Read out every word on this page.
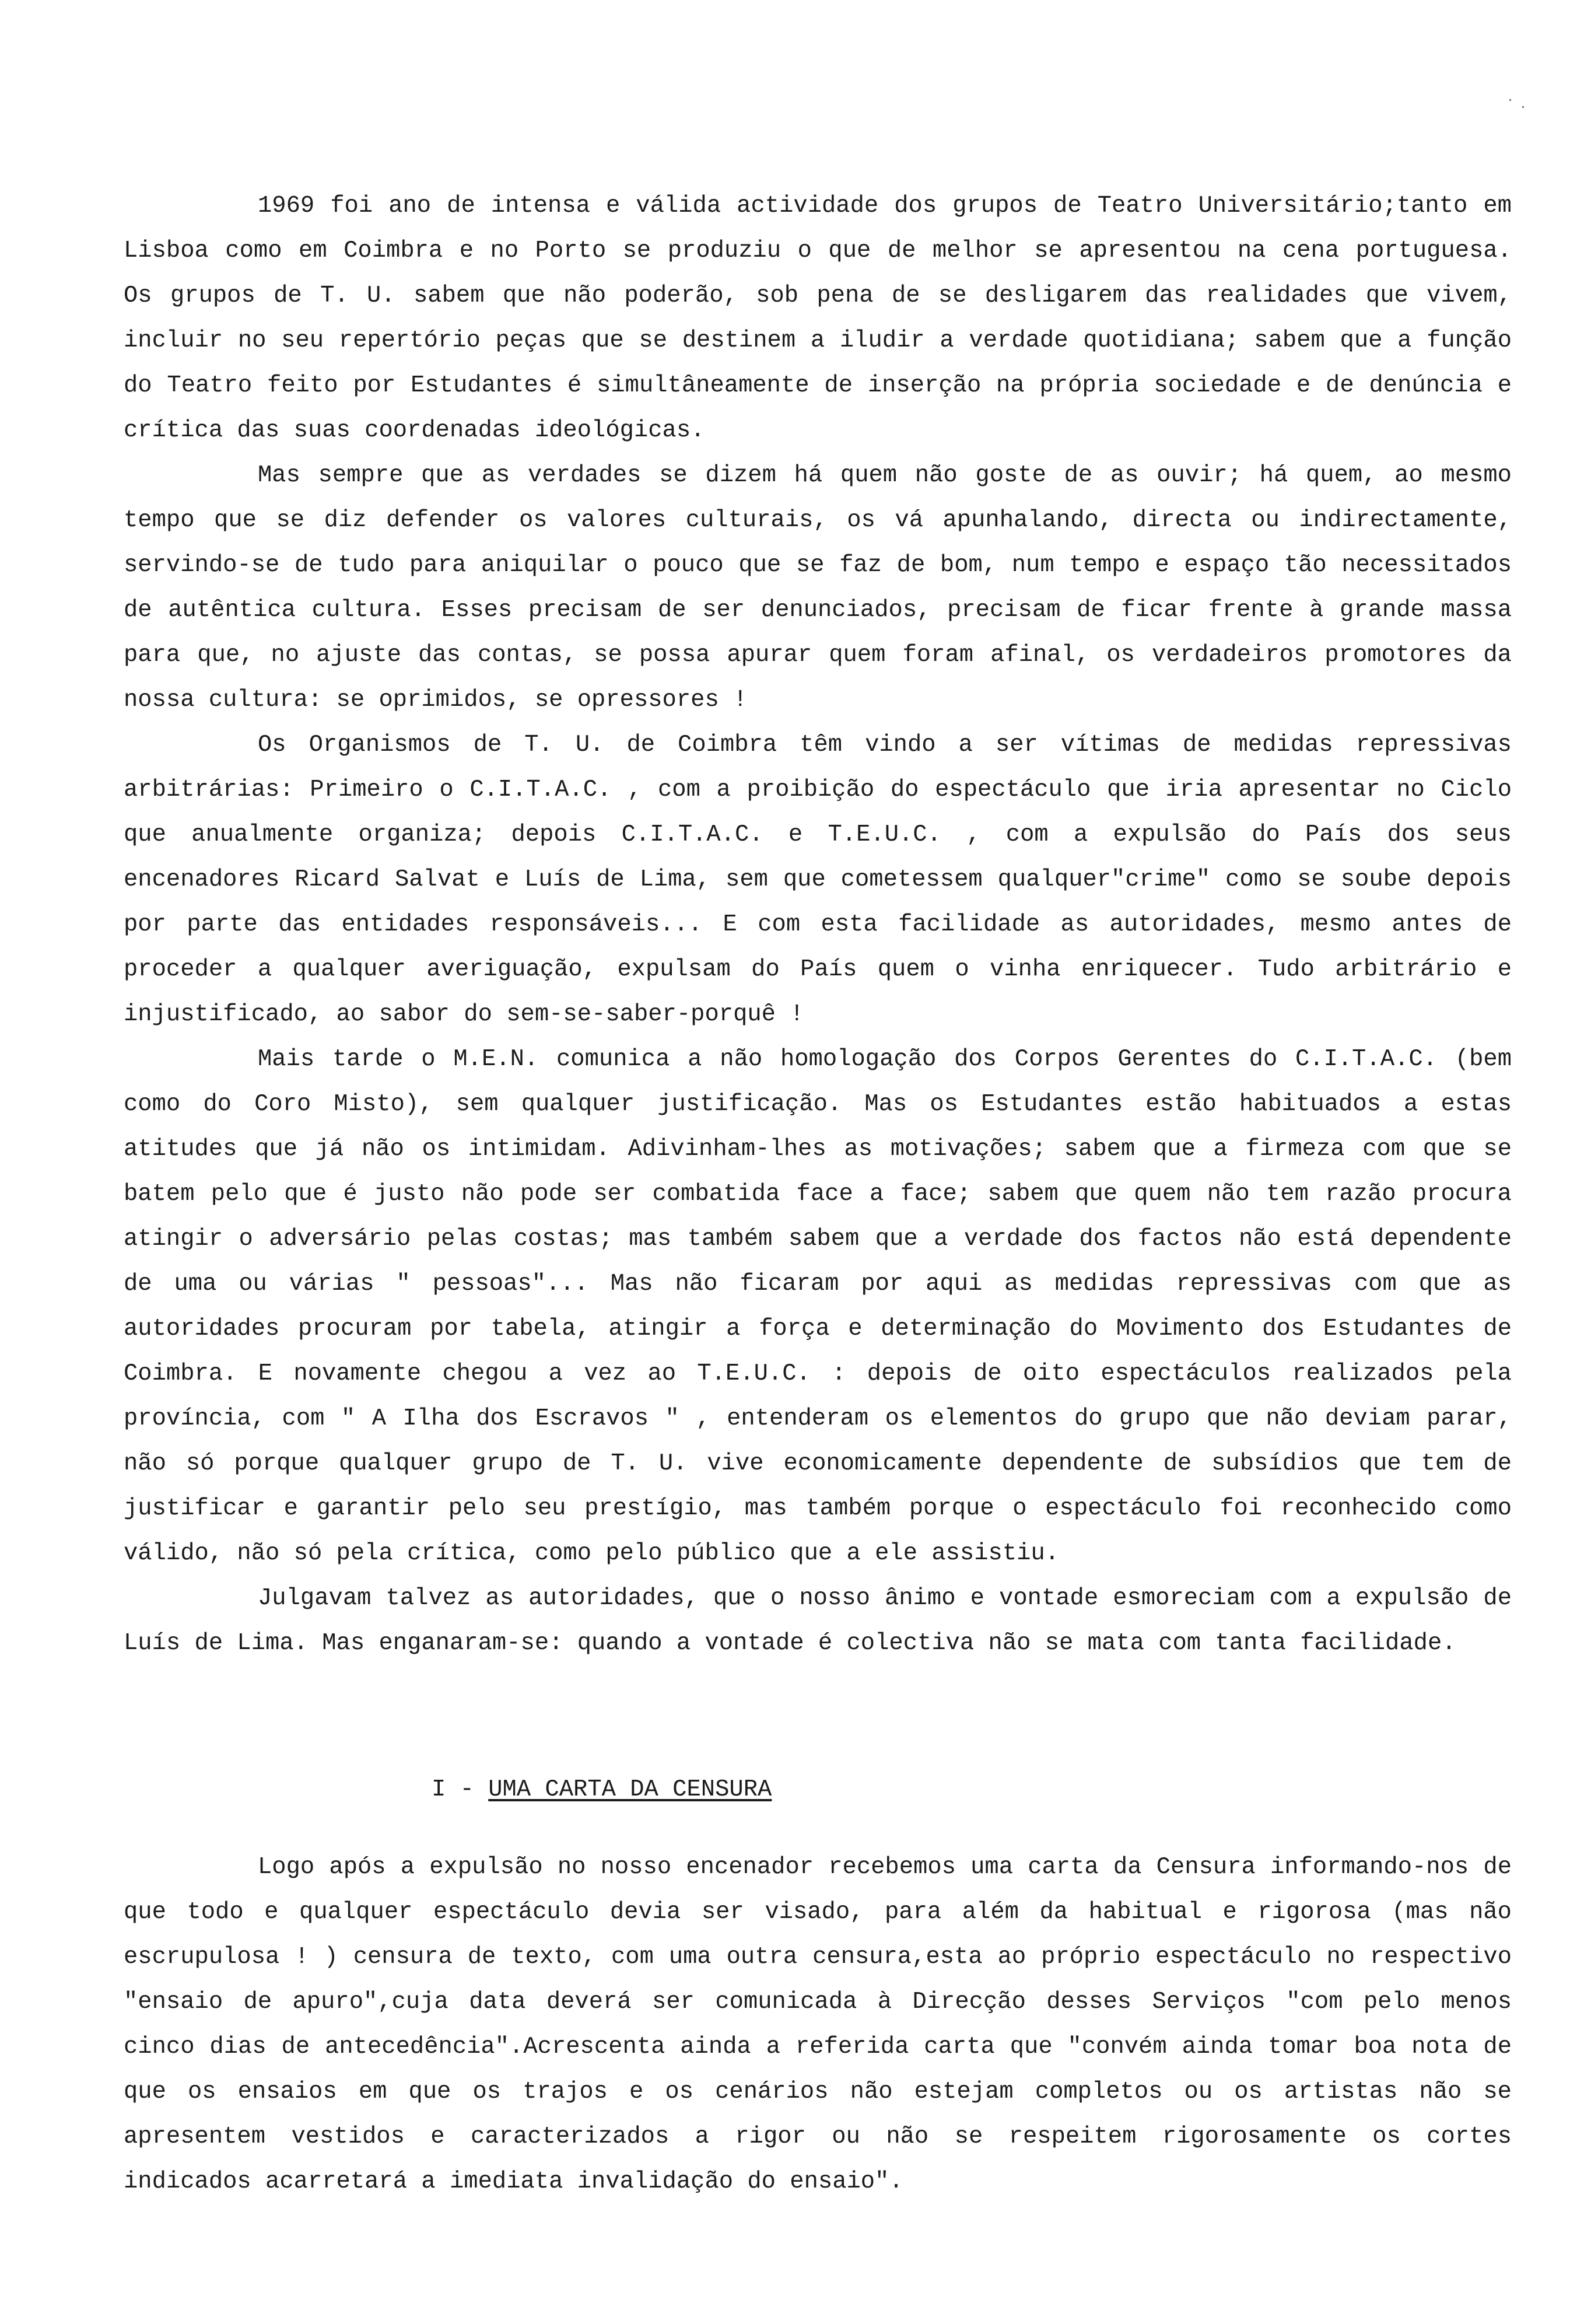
1969 foi ano de intensa e válida actividade dos grupos de Teatro Universitário;tanto em Lisboa como em Coimbra e no Porto se produziu o que de melhor se apresentou na cena portuguesa. Os grupos de T. U. sabem que não poderão, sob pena de se desligarem das realidades que vivem, incluir no seu repertório peças que se destinem a iludir a verdade quotidiana; sabem que a função do Teatro feito por Estudantes é simultâneamente de inserção na própria sociedade e de denúncia e crítica das suas coordenadas ideológicas.

Mas sempre que as verdades se dizem há quem não goste de as ouvir; há quem, ao mesmo tempo que se diz defender os valores culturais, os vá apunhalando, directa ou indirectamente, servindo-se de tudo para aniquilar o pouco que se faz de bom, num tempo e espaço tão necessitados de autêntica cultura. Esses precisam de ser denunciados, precisam de ficar frente à grande massa para que, no ajuste das contas, se possa apurar quem foram afinal, os verdadeiros promotores da nossa cultura: se oprimidos, se opressores !

Os Organismos de T. U. de Coimbra têm vindo a ser vítimas de medidas repressivas arbitrárias: Primeiro o C.I.T.A.C. , com a proibição do espectáculo que iria apresentar no Ciclo que anualmente organiza; depois C.I.T.A.C. e T.E.U.C. , com a expulsão do País dos seus encenadores Ricard Salvat e Luís de Lima, sem que cometessem qualquer"crime" como se soube depois por parte das entidades responsáveis... E com esta facilidade as autoridades, mesmo antes de proceder a qualquer averiguação, expulsam do País quem o vinha enriquecer. Tudo arbitrário e injustificado, ao sabor do sem-se-saber-porquê !

Mais tarde o M.E.N. comunica a não homologação dos Corpos Gerentes do C.I.T.A.C. (bem como do Coro Misto), sem qualquer justificação. Mas os Estudantes estão habituados a estas atitudes que já não os intimidam. Adivinham-lhes as motivações; sabem que a firmeza com que se batem pelo que é justo não pode ser combatida face a face; sabem que quem não tem razão procura atingir o adversário pelas costas; mas também sabem que a verdade dos factos não está dependente de uma ou várias " pessoas"... Mas não ficaram por aqui as medidas repressivas com que as autoridades procuram por tabela, atingir a força e determinação do Movimento dos Estudantes de Coimbra. E novamente chegou a vez ao T.E.U.C. : depois de oito espectáculos realizados pela província, com " A Ilha dos Escravos " , entenderam os elementos do grupo que não deviam parar, não só porque qualquer grupo de T. U. vive economicamente dependente de subsídios que tem de justificar e garantir pelo seu prestígio, mas também porque o espectáculo foi reconhecido como válido, não só pela crítica, como pelo público que a ele assistiu.

Julgavam talvez as autoridades, que o nosso ânimo e vontade esmoreciam com a expulsão de Luís de Lima. Mas enganaram-se: quando a vontade é colectiva não se mata com tanta facilidade.

I - UMA CARTA DA CENSURA

Logo após a expulsão no nosso encenador recebemos uma carta da Censura informando-nos de que todo e qualquer espectáculo devia ser visado, para além da habitual e rigorosa (mas não escrupulosa ! ) censura de texto, com uma outra censura,esta ao próprio espectáculo no respectivo "ensaio de apuro",cuja data deverá ser comunicada à Direcção desses Serviços "com pelo menos cinco dias de antecedência".Acrescenta ainda a referida carta que "convém ainda tomar boa nota de que os ensaios em que os trajos e os cenários não estejam completos ou os artistas não se apresentem vestidos e caracterizados a rigor ou não se respeitem rigorosamente os cortes indicados acarretará a imediata invalidação do ensaio".
